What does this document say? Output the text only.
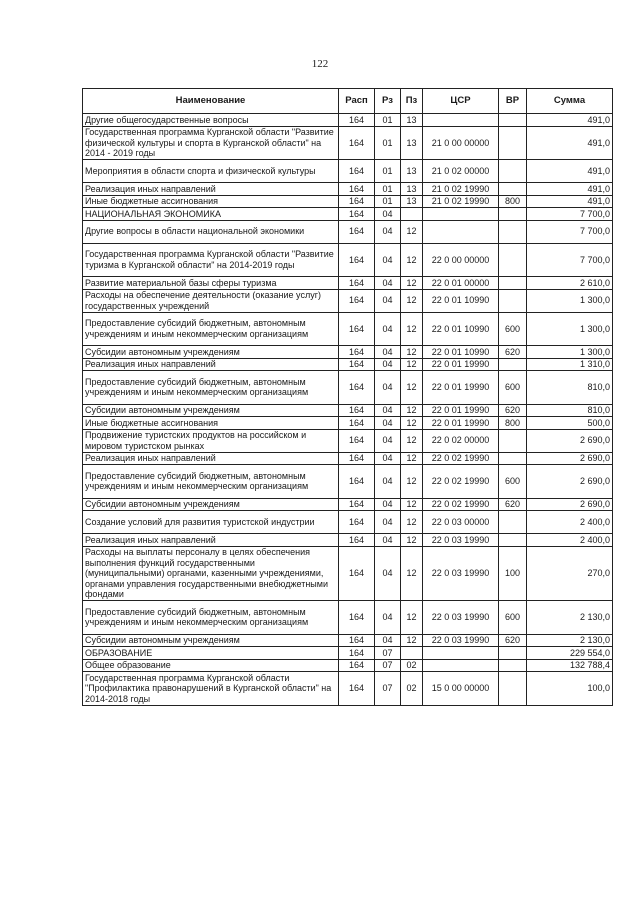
122
Наименование	Расп	Рз	Пз	ЦСР	ВР	Сумма
Другие общегосударственные вопросы	164	01	13			491,0
Государственная программа Курганской области "Развитие физической культуры и спорта в Курганской области" на 2014 - 2019 годы	164	01	13	21 0 00 00000		491,0
Мероприятия в области спорта и физической культуры	164	01	13	21 0 02 00000		491,0
Реализация иных направлений	164	01	13	21 0 02 19990		491,0
Иные бюджетные ассигнования	164	01	13	21 0 02 19990	800	491,0
НАЦИОНАЛЬНАЯ ЭКОНОМИКА	164	04				7 700,0
Другие вопросы в области национальной экономики	164	04	12			7 700,0
Государственная программа Курганской области "Развитие туризма в Курганской области" на 2014-2019 годы	164	04	12	22 0 00 00000		7 700,0
Развитие материальной базы сферы туризма	164	04	12	22 0 01 00000		2 610,0
Расходы на обеспечение деятельности (оказание услуг) государственных учреждений	164	04	12	22 0 01 10990		1 300,0
Предоставление субсидий бюджетным, автономным учреждениям и иным некоммерческим организациям	164	04	12	22 0 01 10990	600	1 300,0
Субсидии автономным учреждениям	164	04	12	22 0 01 10990	620	1 300,0
Реализация иных направлений	164	04	12	22 0 01 19990		1 310,0
Предоставление субсидий бюджетным, автономным учреждениям и иным некоммерческим организациям	164	04	12	22 0 01 19990	600	810,0
Субсидии автономным учреждениям	164	04	12	22 0 01 19990	620	810,0
Иные бюджетные ассигнования	164	04	12	22 0 01 19990	800	500,0
Продвижение туристских продуктов на российском и мировом туристском рынках	164	04	12	22 0 02 00000		2 690,0
Реализация иных направлений	164	04	12	22 0 02 19990		2 690,0
Предоставление субсидий бюджетным, автономным учреждениям и иным некоммерческим организациям	164	04	12	22 0 02 19990	600	2 690,0
Субсидии автономным учреждениям	164	04	12	22 0 02 19990	620	2 690,0
Создание условий для развития туристской индустрии	164	04	12	22 0 03 00000		2 400,0
Реализация иных направлений	164	04	12	22 0 03 19990		2 400,0
Расходы на выплаты персоналу в целях обеспечения выполнения функций государственными (муниципальными) органами, казенными учреждениями, органами управления государственными внебюджетными фондами	164	04	12	22 0 03 19990	100	270,0
Предоставление субсидий бюджетным, автономным учреждениям и иным некоммерческим организациям	164	04	12	22 0 03 19990	600	2 130,0
Субсидии автономным учреждениям	164	04	12	22 0 03 19990	620	2 130,0
ОБРАЗОВАНИЕ	164	07				229 554,0
Общее образование	164	07	02			132 788,4
Государственная программа Курганской области "Профилактика правонарушений в Курганской области" на 2014-2018 годы	164	07	02	15 0 00 00000		100,0
